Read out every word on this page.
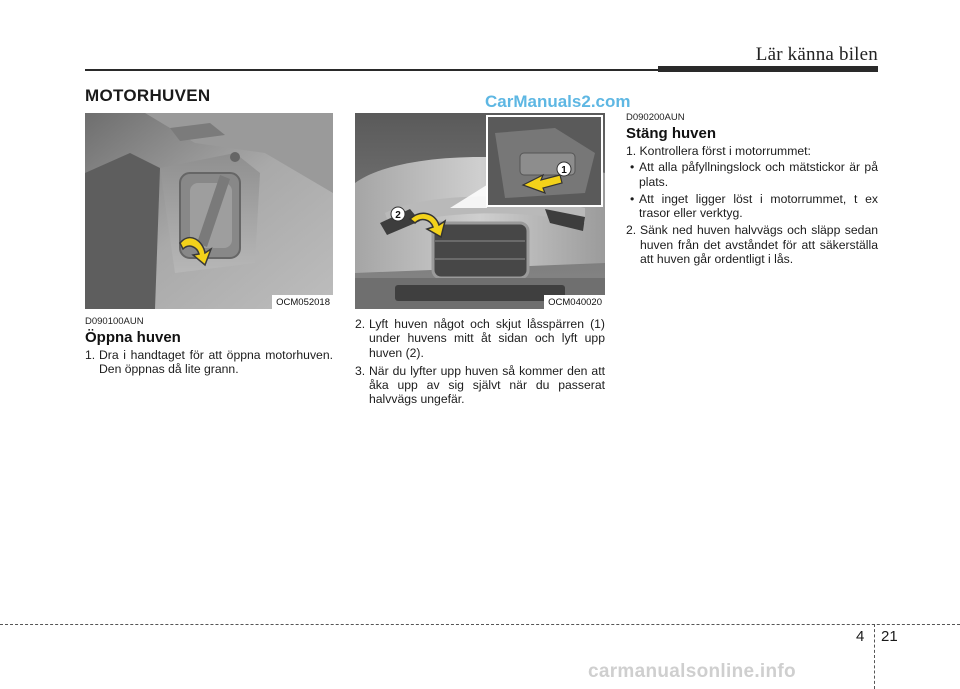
Lär känna bilen
MOTORHUVEN	CarManuals2.com
OCM052018
2
1
OCM040020
D090100AUN
Öppna huven
1. Dra i handtaget för att öppna motorhuven. Den öppnas då lite grann.
2. Lyft huven något och skjut låsspärren (1) under huvens mitt åt sidan och lyft upp huven (2).
3. När du lyfter upp huven så kommer den att åka upp av sig självt när du passerat halvvägs ungefär.
D090200AUN
Stäng huven
1. Kontrollera först i motorrummet:
• Att alla påfyllningslock och mätstickor är på plats.
• Att inget ligger löst i motorrummet, t ex trasor eller verktyg.
2. Sänk ned huven halvvägs och släpp sedan huven från det avståndet för att säkerställa att huven går ordentligt i lås.
4 21
carmanualsonline.info
